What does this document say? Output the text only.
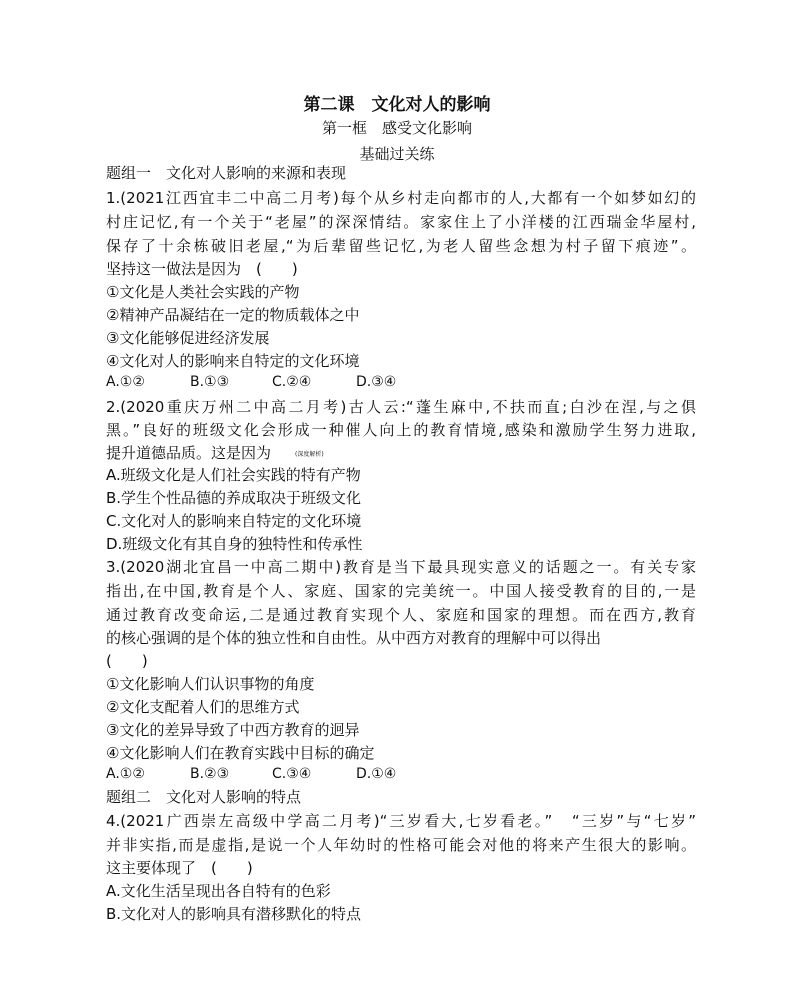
第二课　文化对人的影响
第一框　感受文化影响
基础过关练
题组一　文化对人影响的来源和表现
1.(2021江西宜丰二中高二月考)每个从乡村走向都市的人,大都有一个如梦如幻的
村庄记忆,有一个关于“老屋”的深深情结。家家住上了小洋楼的江西瑞金华屋村,
保存了十余栋破旧老屋,“为后辈留些记忆,为老人留些念想为村子留下痕迹”。
坚持这一做法是因为　(　　)
①文化是人类社会实践的产物
②精神产品凝结在一定的物质载体之中
③文化能够促进经济发展
④文化对人的影响来自特定的文化环境
A.①②	B.①③	C.②④	D.③④
2.(2020重庆万州二中高二月考)古人云:“蓬生麻中,不扶而直;白沙在涅,与之俱
黑。”良好的班级文化会形成一种催人向上的教育情境,感染和激励学生努力进取,
提升道德品质。这是因为	(深度解析)
A.班级文化是人们社会实践的特有产物
B.学生个性品德的养成取决于班级文化
C.文化对人的影响来自特定的文化环境
D.班级文化有其自身的独特性和传承性
3.(2020湖北宜昌一中高二期中)教育是当下最具现实意义的话题之一。有关专家
指出,在中国,教育是个人、家庭、国家的完美统一。中国人接受教育的目的,一是
通过教育改变命运,二是通过教育实现个人、家庭和国家的理想。而在西方,教育
的核心强调的是个体的独立性和自由性。从中西方对教育的理解中可以得出
(　　)
①文化影响人们认识事物的角度
②文化支配着人们的思维方式
③文化的差异导致了中西方教育的迥异
④文化影响人们在教育实践中目标的确定
A.①②	B.②③	C.③④	D.①④
题组二　文化对人影响的特点
4.(2021广西崇左高级中学高二月考)“三岁看大,七岁看老。”　“三岁”与“七岁”
并非实指,而是虚指,是说一个人年幼时的性格可能会对他的将来产生很大的影响。
这主要体现了　(　　)
A.文化生活呈现出各自特有的色彩
B.文化对人的影响具有潜移默化的特点
